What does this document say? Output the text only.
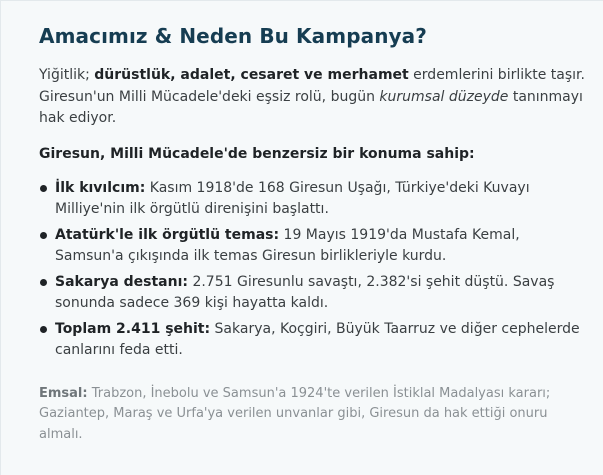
Amacımız & Neden Bu Kampanya?

Yiğitlik; dürüstlük, adalet, cesaret ve merhamet erdemlerini birlikte taşır. Giresun'un Milli Mücadele'deki eşsiz rolü, bugün kurumsal düzeyde tanınmayı hak ediyor.

Giresun, Milli Mücadele'de benzersiz bir konuma sahip:

İlk kıvılcım: Kasım 1918'de 168 Giresun Uşağı, Türkiye'deki Kuvayı Milliye'nin ilk örgütlü direnişini başlattı.
Atatürk'le ilk örgütlü temas: 19 Mayıs 1919'da Mustafa Kemal, Samsun'a çıkışında ilk temas Giresun birlikleriyle kurdu.
Sakarya destanı: 2.751 Giresunlu savaştı, 2.382'si şehit düştü. Savaş sonunda sadece 369 kişi hayatta kaldı.
Toplam 2.411 şehit: Sakarya, Koçgiri, Büyük Taarruz ve diğer cephelerde canlarını feda etti.

Emsal: Trabzon, İnebolu ve Samsun'a 1924'te verilen İstiklal Madalyası kararı; Gaziantep, Maraş ve Urfa'ya verilen unvanlar gibi, Giresun da hak ettiği onuru almalı.
